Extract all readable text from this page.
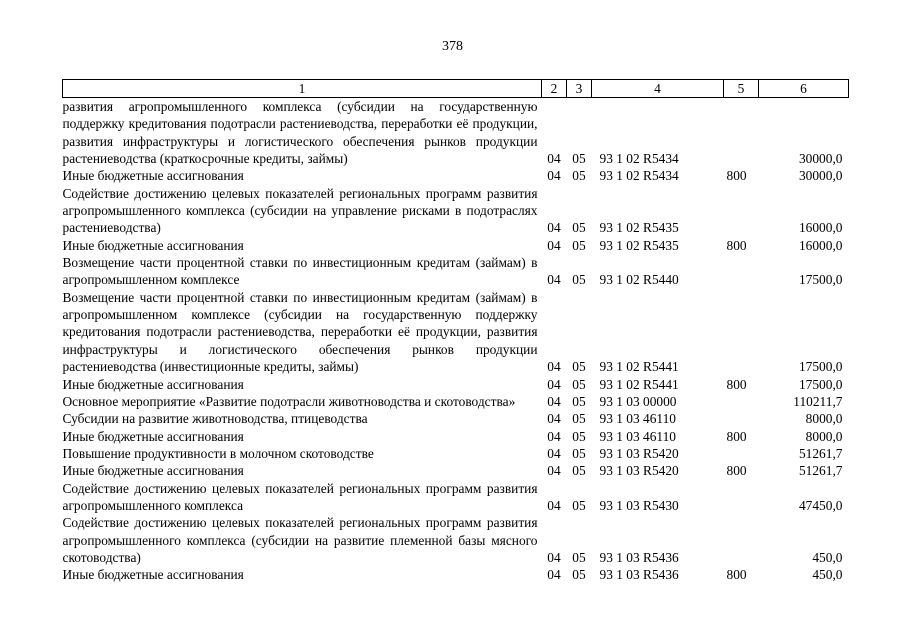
378
1	2	3	4	5	6
развития агропромышленного комплекса (субсидии на государственную поддержку кредитования подотрасли растениеводства, переработки её продукции, развития инфраструктуры и логистического обеспечения рынков продукции растениеводства (краткосрочные кредиты, займы)	04	05	93 1 02 R5434		30000,0
Иные бюджетные ассигнования	04	05	93 1 02 R5434	800	30000,0
Содействие достижению целевых показателей региональных программ развития агропромышленного комплекса (субсидии на управление рисками в подотраслях растениеводства)	04	05	93 1 02 R5435		16000,0
Иные бюджетные ассигнования	04	05	93 1 02 R5435	800	16000,0
Возмещение части процентной ставки по инвестиционным кредитам (займам) в агропромышленном комплексе	04	05	93 1 02 R5440		17500,0
Возмещение части процентной ставки по инвестиционным кредитам (займам) в агропромышленном комплексе (субсидии на государственную поддержку кредитования подотрасли растениеводства, переработки её продукции, развития инфраструктуры и логистического обеспечения рынков продукции растениеводства (инвестиционные кредиты, займы)	04	05	93 1 02 R5441		17500,0
Иные бюджетные ассигнования	04	05	93 1 02 R5441	800	17500,0
Основное мероприятие «Развитие подотрасли животноводства и скотоводства»	04	05	93 1 03 00000		110211,7
Субсидии на развитие животноводства, птицеводства	04	05	93 1 03 46110		8000,0
Иные бюджетные ассигнования	04	05	93 1 03 46110	800	8000,0
Повышение продуктивности в молочном скотоводстве	04	05	93 1 03 R5420		51261,7
Иные бюджетные ассигнования	04	05	93 1 03 R5420	800	51261,7
Содействие достижению целевых показателей региональных программ развития агропромышленного комплекса	04	05	93 1 03 R5430		47450,0
Содействие достижению целевых показателей региональных программ развития агропромышленного комплекса (субсидии на развитие племенной базы мясного скотоводства)	04	05	93 1 03 R5436		450,0
Иные бюджетные ассигнования	04	05	93 1 03 R5436	800	450,0
